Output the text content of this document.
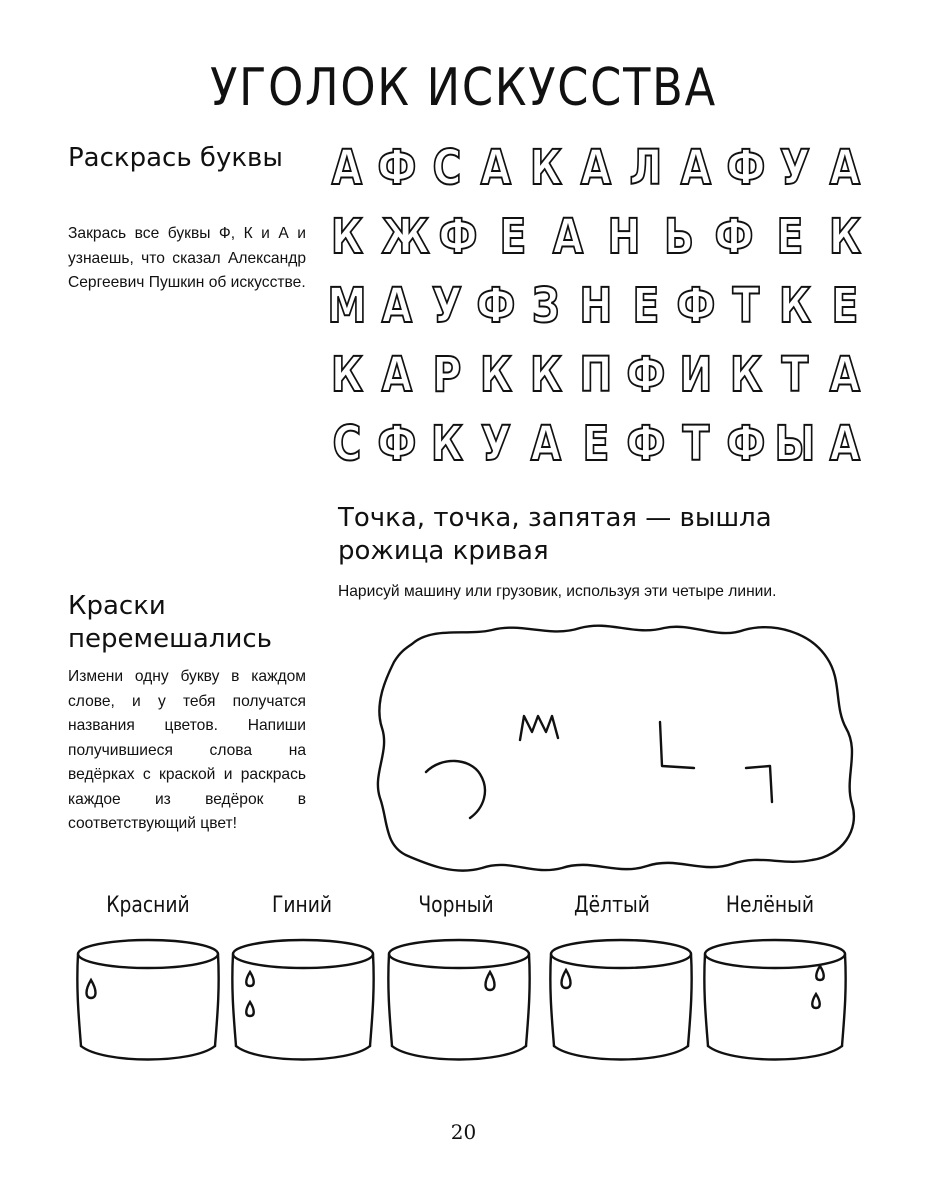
УГОЛОК ИСКУССТВА
Раскрась буквы
Закрась все буквы Ф, К и А и узнаешь, что сказал Александр Сергеевич Пушкин об искусстве.
А Ф С А К А Л А Ф У А
К Ж Ф Е А Н Ь Ф Е К
М А У Ф З Н Е Ф Т К Е
К А Р К К П Ф И К Т А
С Ф К У А Е Ф Т Ф Ы А
Точка, точка, запятая — вышла рожица кривая
Нарисуй машину или грузовик, используя эти четыре линии.
Краски перемешались
Измени одну букву в каждом слове, и у тебя получатся названия цветов. Напиши получившиеся слова на ведёрках с краской и раскрась каждое из ведёрок в соответствующий цвет!
Красний	Гиний	Чорный	Дёлтый	Нелёный
20
